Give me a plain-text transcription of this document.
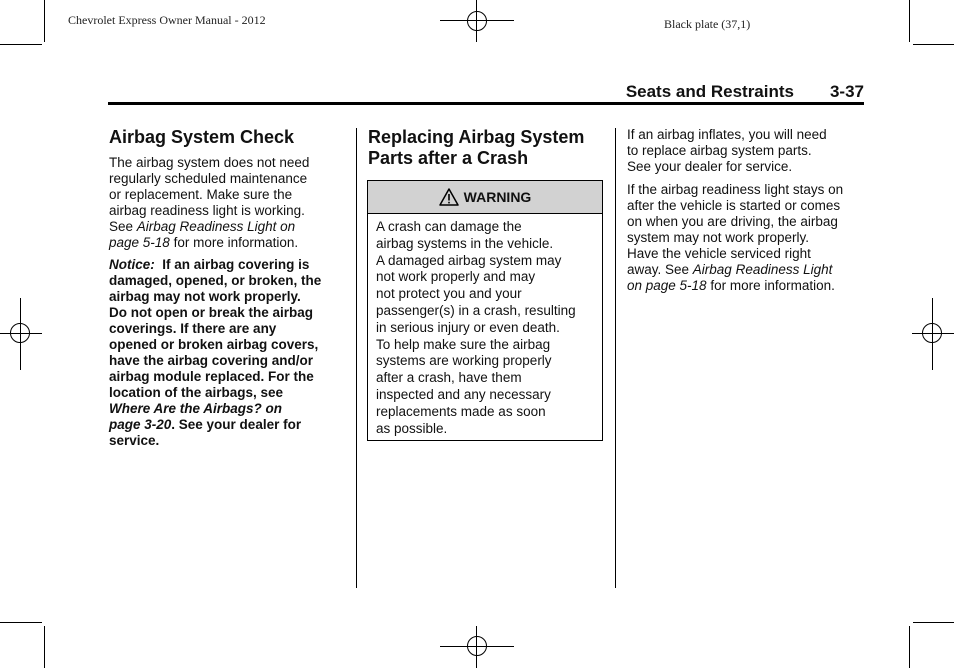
Chevrolet Express Owner Manual - 2012	Black plate (37,1)
Seats and Restraints 3-37
Airbag System Check

The airbag system does not need
regularly scheduled maintenance
or replacement. Make sure the
airbag readiness light is working.
See Airbag Readiness Light on
page 5-18 for more information.

Notice: If an airbag covering is
damaged, opened, or broken, the
airbag may not work properly.
Do not open or break the airbag
coverings. If there are any
opened or broken airbag covers,
have the airbag covering and/or
airbag module replaced. For the
location of the airbags, see
Where Are the Airbags? on
page 3-20. See your dealer for
service.

Replacing Airbag System
Parts after a Crash
WARNING
A crash can damage the
airbag systems in the vehicle.
A damaged airbag system may
not work properly and may
not protect you and your
passenger(s) in a crash, resulting
in serious injury or even death.
To help make sure the airbag
systems are working properly
after a crash, have them
inspected and any necessary
replacements made as soon
as possible.

If an airbag inflates, you will need
to replace airbag system parts.
See your dealer for service.

If the airbag readiness light stays on
after the vehicle is started or comes
on when you are driving, the airbag
system may not work properly.
Have the vehicle serviced right
away. See Airbag Readiness Light
on page 5-18 for more information.
